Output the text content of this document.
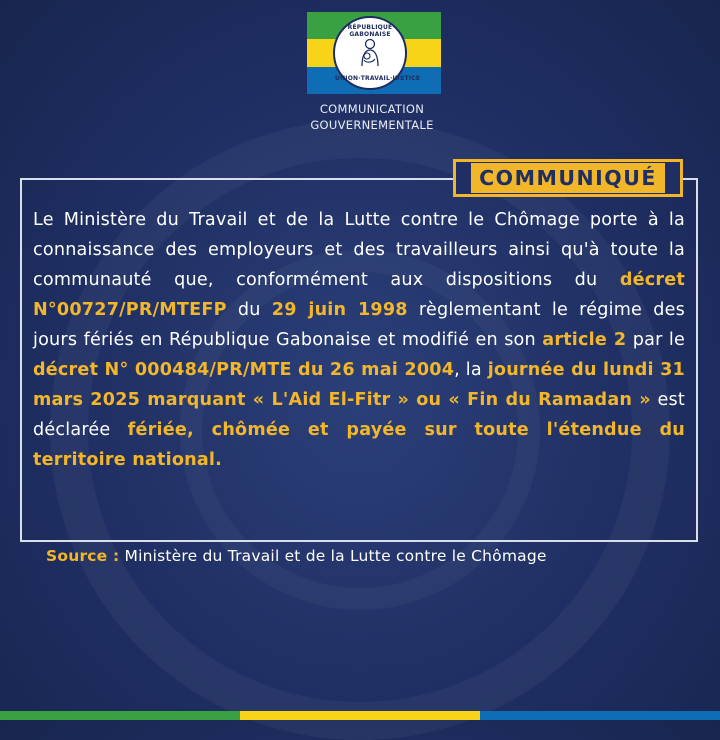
RÉPUBLIQUE GABONAISE
UNION·TRAVAIL·JUSTICE
COMMUNICATION
GOUVERNEMENTALE
COMMUNIQUÉ
Le Ministère du Travail et de la Lutte contre le Chômage porte à la connaissance des employeurs et des travailleurs ainsi qu'à toute la communauté que, conformément aux dispositions du décret N°00727/PR/MTEFP du 29 juin 1998 règlementant le régime des jours fériés en République Gabonaise et modifié en son article 2 par le décret N° 000484/PR/MTE du 26 mai 2004, la journée du lundi 31 mars 2025 marquant « L'Aid El-Fitr » ou « Fin du Ramadan » est déclarée fériée, chômée et payée sur toute l'étendue du territoire national.
Source : Ministère du Travail et de la Lutte contre le Chômage
